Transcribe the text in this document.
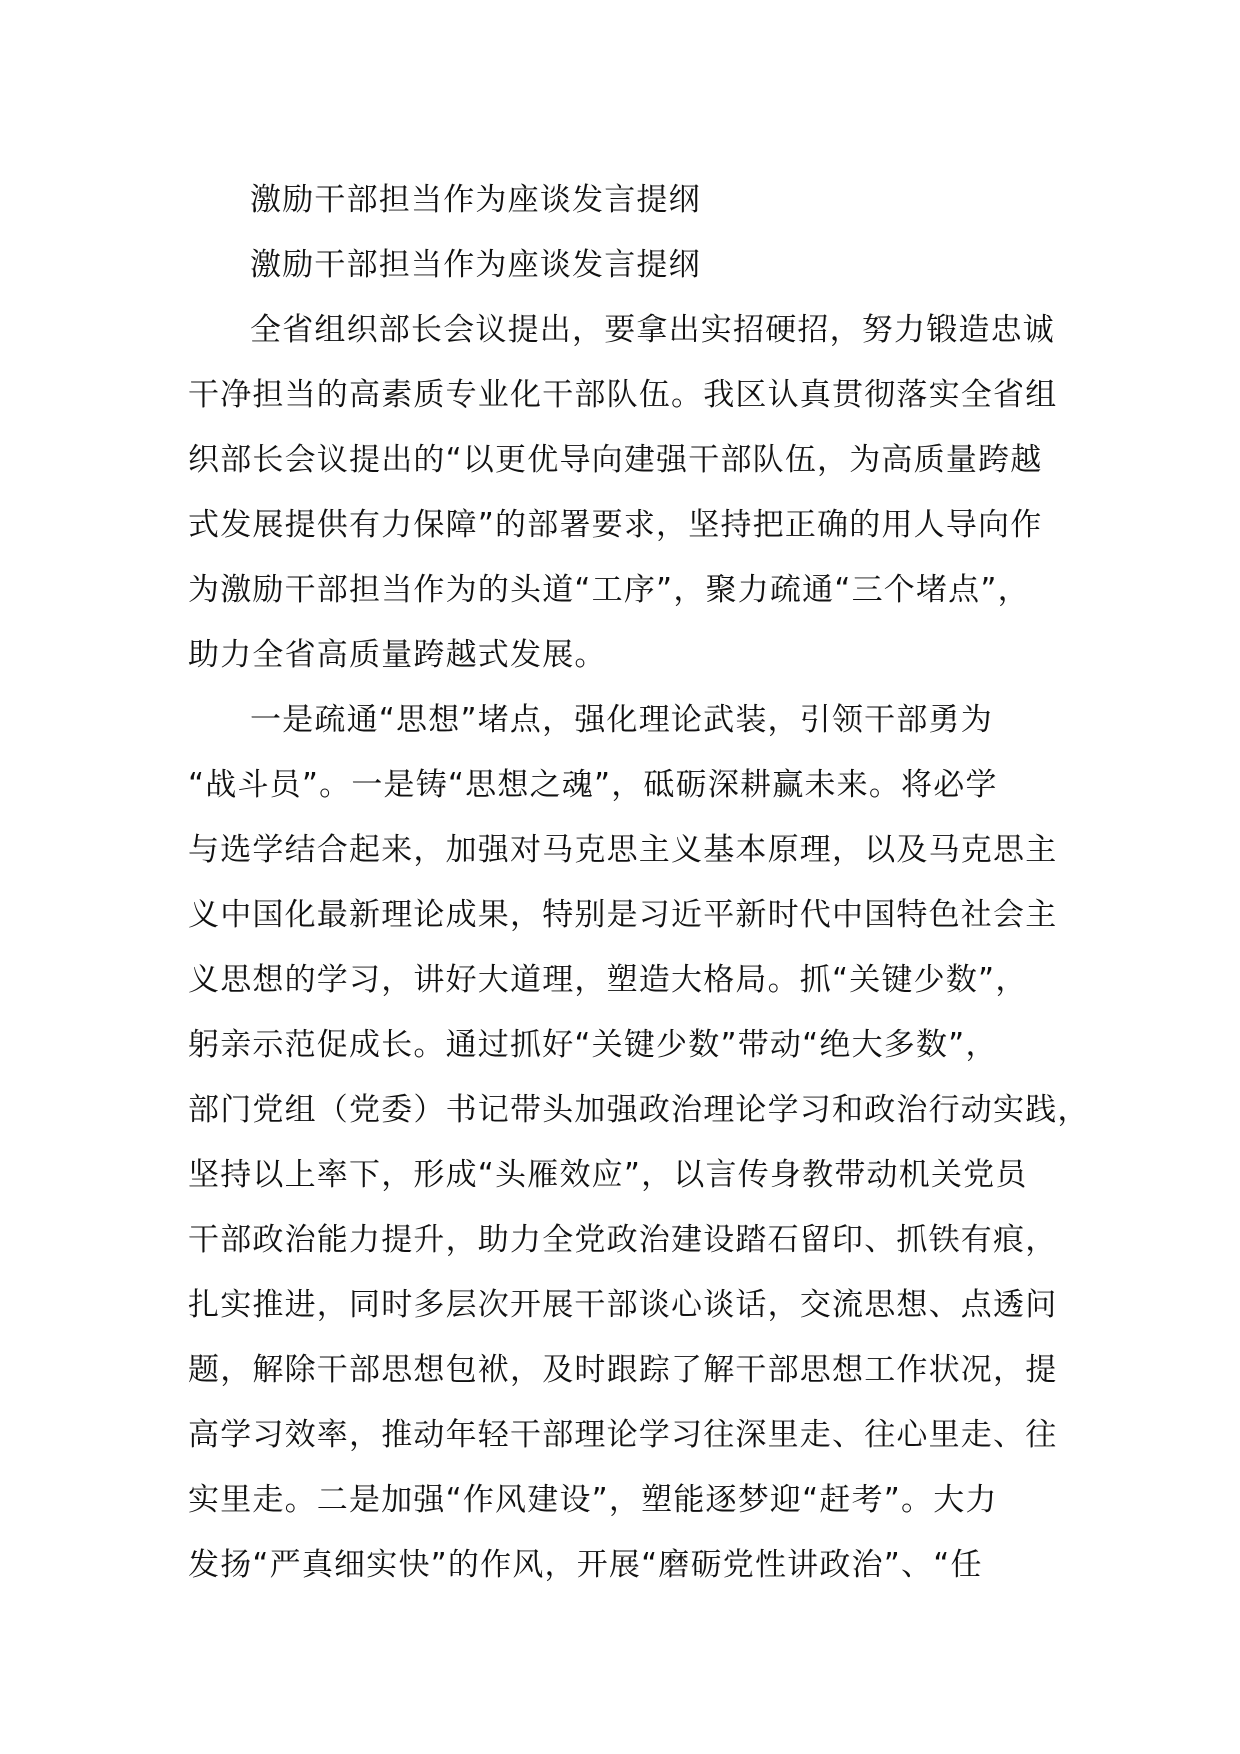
激励干部担当作为座谈发言提纲
激励干部担当作为座谈发言提纲
全省组织部长会议提出，要拿出实招硬招，努力锻造忠诚
干净担当的高素质专业化干部队伍。我区认真贯彻落实全省组
织部长会议提出的“以更优导向建强干部队伍，为高质量跨越
式发展提供有力保障”的部署要求，坚持把正确的用人导向作
为激励干部担当作为的头道“工序”，聚力疏通“三个堵点”，
助力全省高质量跨越式发展。
一是疏通“思想”堵点，强化理论武装，引领干部勇为
“战斗员”。一是铸“思想之魂”，砥砺深耕赢未来。将必学
与选学结合起来，加强对马克思主义基本原理，以及马克思主
义中国化最新理论成果，特别是习近平新时代中国特色社会主
义思想的学习，讲好大道理，塑造大格局。抓“关键少数”，
躬亲示范促成长。通过抓好“关键少数”带动“绝大多数”，
部门党组（党委）书记带头加强政治理论学习和政治行动实践，
坚持以上率下，形成“头雁效应”，以言传身教带动机关党员
干部政治能力提升，助力全党政治建设踏石留印、抓铁有痕，
扎实推进，同时多层次开展干部谈心谈话，交流思想、点透问
题，解除干部思想包袱，及时跟踪了解干部思想工作状况，提
高学习效率，推动年轻干部理论学习往深里走、往心里走、往
实里走。二是加强“作风建设”，塑能逐梦迎“赶考”。大力
发扬“严真细实快”的作风，开展“磨砺党性讲政治”、“任
